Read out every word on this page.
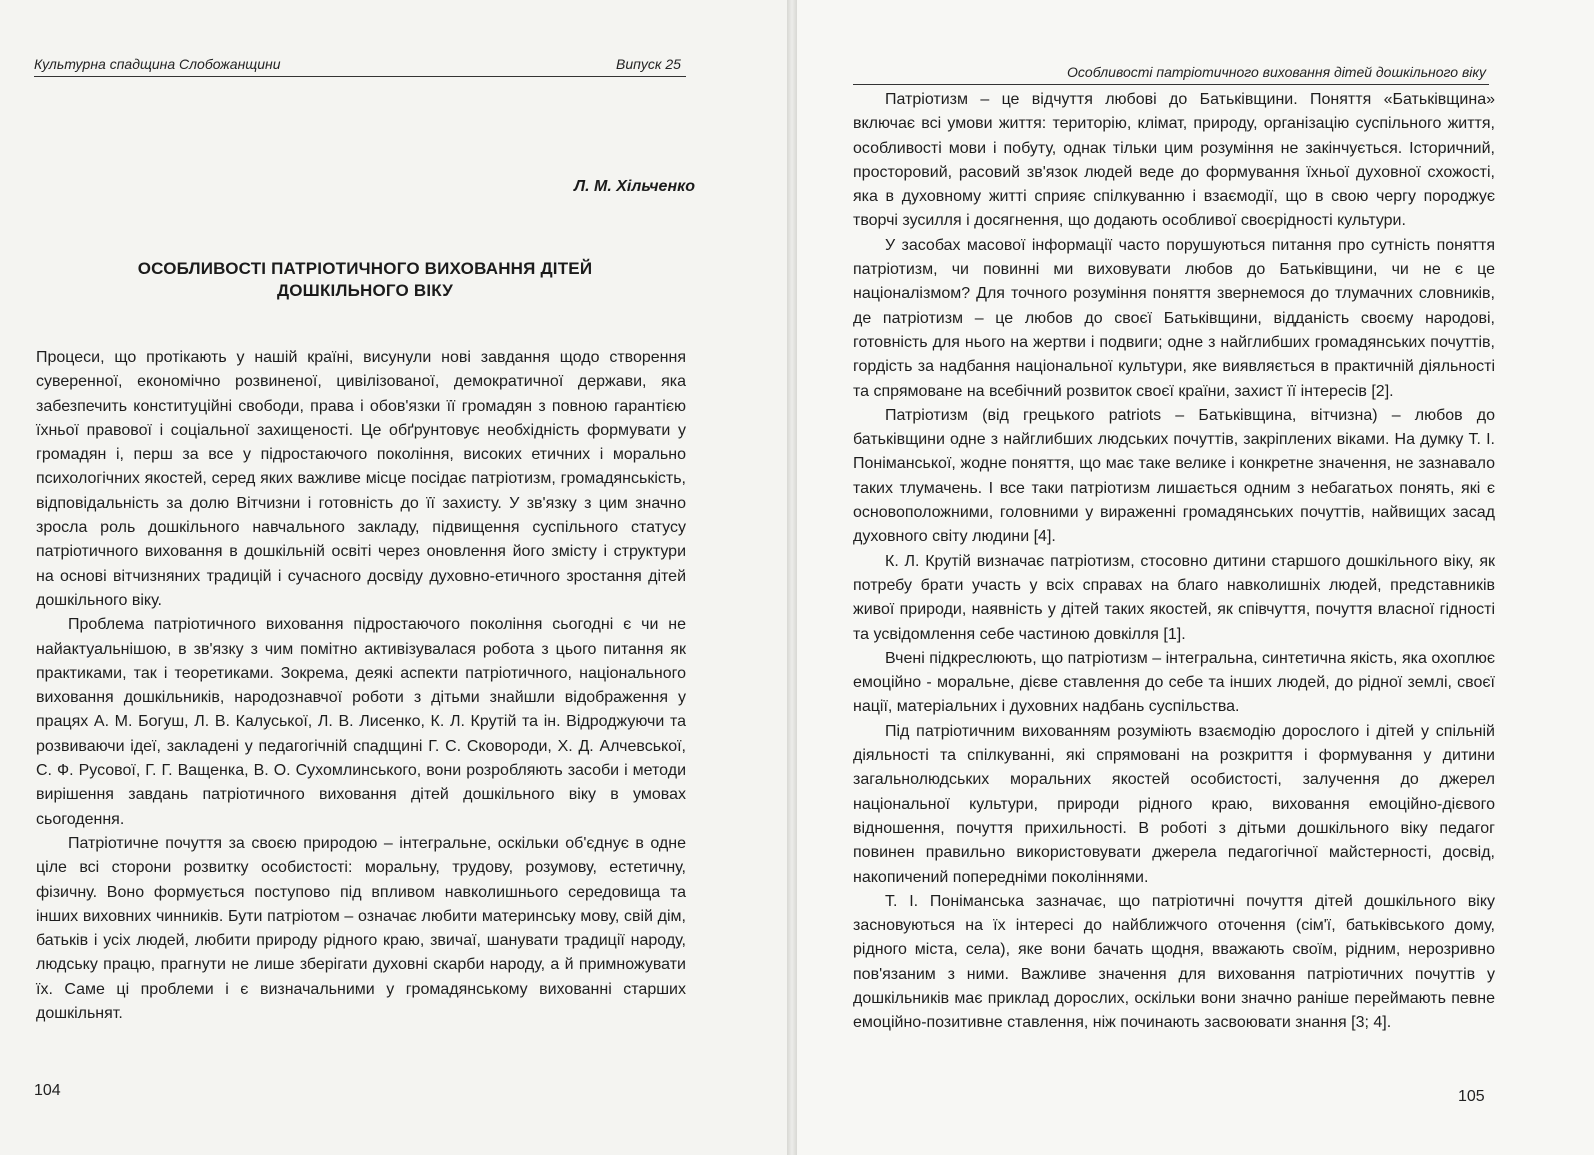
Культурна спадщина Слобожанщини	Випуск 25
Л. М. Хільченко
ОСОБЛИВОСТІ ПАТРІОТИЧНОГО ВИХОВАННЯ ДІТЕЙ
ДОШКІЛЬНОГО ВІКУ

Процеси, що протікають у нашій країні, висунули нові завдання щодо створення суверенної, економічно розвиненої, цивілізованої, демократичної держави, яка забезпечить конституційні свободи, права і обов'язки її громадян з повною гарантією їхньої правової і соціальної захищеності. Це обґрунтовує необхідність формувати у громадян і, перш за все у підростаючого покоління, високих етичних і морально психологічних якостей, серед яких важливе місце посідає патріотизм, громадянськість, відповідальність за долю Вітчизни і готовність до її захисту. У зв'язку з цим значно зросла роль дошкільного навчального закладу, підвищення суспільного статусу патріотичного виховання в дошкільній освіті через оновлення його змісту і структури на основі вітчизняних традицій і сучасного досвіду духовно-етичного зростання дітей дошкільного віку.

Проблема патріотичного виховання підростаючого покоління сьогодні є чи не найактуальнішою, в зв'язку з чим помітно активізувалася робота з цього питання як практиками, так і теоретиками. Зокрема, деякі аспекти патріотичного, національного виховання дошкільників, народознавчої роботи з дітьми знайшли відображення у працях А. М. Богуш, Л. В. Калуської, Л. В. Лисенко, К. Л. Крутій та ін. Відроджуючи та розвиваючи ідеї, закладені у педагогічній спадщині Г. С. Сковороди, Х. Д. Алчевської, С. Ф. Русової, Г. Г. Ващенка, В. О. Сухомлинського, вони розробляють засоби і методи вирішення завдань патріотичного виховання дітей дошкільного віку в умовах сьогодення.

Патріотичне почуття за своєю природою – інтегральне, оскільки об'єднує в одне ціле всі сторони розвитку особистості: моральну, трудову, розумову, естетичну, фізичну. Воно формується поступово під впливом навколишнього середовища та інших виховних чинників. Бути патріотом – означає любити материнську мову, свій дім, батьків і усіх людей, любити природу рідного краю, звичаї, шанувати традиції народу, людську працю, прагнути не лише зберігати духовні скарби народу, а й примножувати їх. Саме ці проблеми і є визначальними у громадянському вихованні старших дошкільнят.

104
Особливості патріотичного виховання дітей дошкільного віку

Патріотизм – це відчуття любові до Батьківщини. Поняття «Батьківщина» включає всі умови життя: територію, клімат, природу, організацію суспільного життя, особливості мови і побуту, однак тільки цим розуміння не закінчується. Історичний, просторовий, расовий зв'язок людей веде до формування їхньої духовної схожості, яка в духовному житті сприяє спілкуванню і взаємодії, що в свою чергу породжує творчі зусилля і досягнення, що додають особливої своєрідності культури.

У засобах масової інформації часто порушуються питання про сутність поняття патріотизм, чи повинні ми виховувати любов до Батьківщини, чи не є це націоналізмом? Для точного розуміння поняття звернемося до тлумачних словників, де патріотизм – це любов до своєї Батьківщини, відданість своєму народові, готовність для нього на жертви і подвиги; одне з найглибших громадянських почуттів, гордість за надбання національної культури, яке виявляється в практичній діяльності та спрямоване на всебічний розвиток своєї країни, захист її інтересів [2].

Патріотизм (від грецького patriots – Батьківщина, вітчизна) – любов до батьківщини одне з найглибших людських почуттів, закріплених віками. На думку Т. І. Поніманської, жодне поняття, що має таке велике і конкретне значення, не зазнавало таких тлумачень. І все таки патріотизм лишається одним з небагатьох понять, які є основоположними, головними у вираженні громадянських почуттів, найвищих засад духовного світу людини [4].

К. Л. Крутій визначає патріотизм, стосовно дитини старшого дошкільного віку, як потребу брати участь у всіх справах на благо навколишніх людей, представників живої природи, наявність у дітей таких якостей, як співчуття, почуття власної гідності та усвідомлення себе частиною довкілля [1].

Вчені підкреслюють, що патріотизм – інтегральна, синтетична якість, яка охоплює емоційно - моральне, дієве ставлення до себе та інших людей, до рідної землі, своєї нації, матеріальних і духовних надбань суспільства.

Під патріотичним вихованням розуміють взаємодію дорослого і дітей у спільній діяльності та спілкуванні, які спрямовані на розкриття і формування у дитини загальнолюдських моральних якостей особистості, залучення до джерел національної культури, природи рідного краю, виховання емоційно-дієвого відношення, почуття прихильності. В роботі з дітьми дошкільного віку педагог повинен правильно використовувати джерела педагогічної майстерності, досвід, накопичений попередніми поколіннями.

Т. І. Поніманська зазначає, що патріотичні почуття дітей дошкільного віку засновуються на їх інтересі до найближчого оточення (сім'ї, батьківського дому, рідного міста, села), яке вони бачать щодня, вважають своїм, рідним, нерозривно пов'язаним з ними. Важливе значення для виховання патріотичних почуттів у дошкільників має приклад дорослих, оскільки вони значно раніше переймають певне емоційно-позитивне ставлення, ніж починають засвоювати знання [3; 4].

105
